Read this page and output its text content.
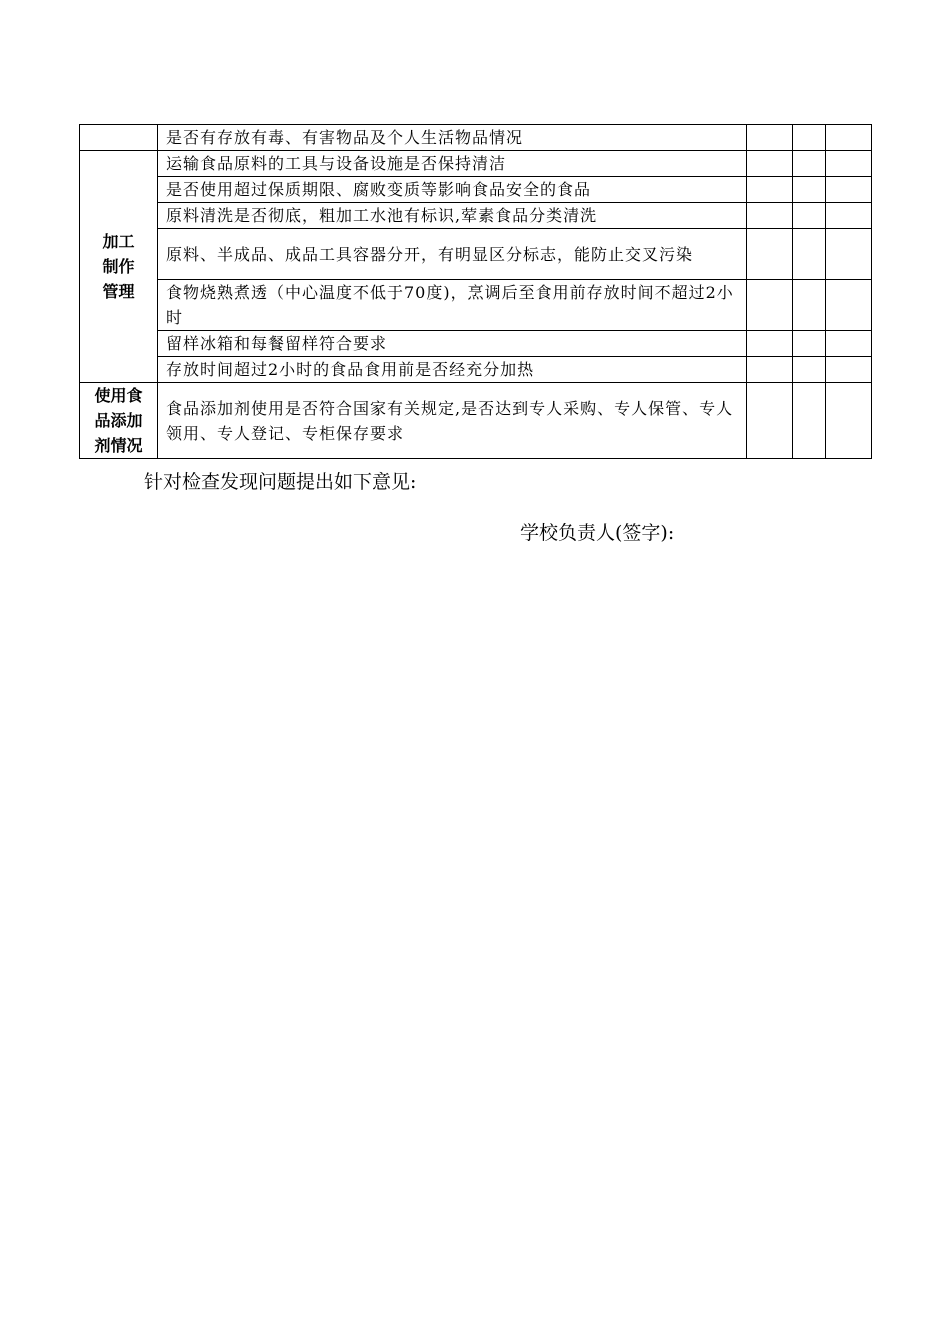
	是否有存放有毒、有害物品及个人生活物品情况			

加工
制作
管理	运输食品原料的工具与设备设施是否保持清洁			
	是否使用超过保质期限、腐败变质等影响食品安全的食品			
	原料清洗是否彻底，粗加工水池有标识,荤素食品分类清洗			
	原料、半成品、成品工具容器分开，有明显区分标志，能防止交叉污染			
	食物烧熟煮透（中心温度不低于70度)，烹调后至食用前存放时间不超过2小时			
	留样冰箱和每餐留样符合要求			
	存放时间超过2小时的食品食用前是否经充分加热			

使用食
品添加
剂情况	食品添加剂使用是否符合国家有关规定,是否达到专人采购、专人保管、专人领用、专人登记、专柜保存要求			
针对检查发现问题提出如下意见:
学校负责人(签字):
